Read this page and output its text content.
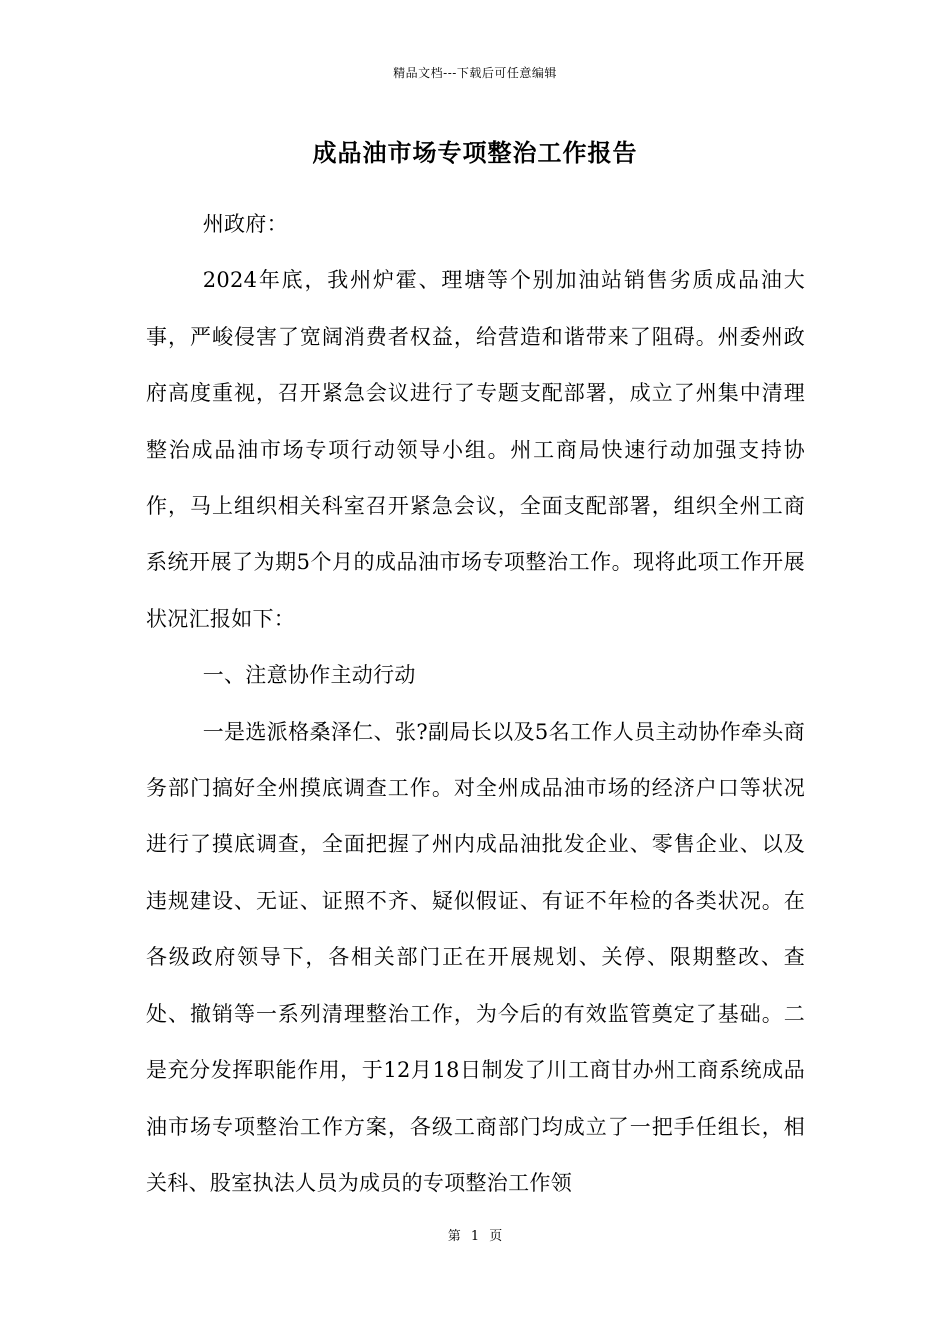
精品文档---下载后可任意编辑
成品油市场专项整治工作报告

州政府：

2024年底，我州炉霍、理塘等个别加油站销售劣质成品油大事，严峻侵害了宽阔消费者权益，给营造和谐带来了阻碍。州委州政府高度重视，召开紧急会议进行了专题支配部署，成立了州集中清理整治成品油市场专项行动领导小组。州工商局快速行动加强支持协作，马上组织相关科室召开紧急会议，全面支配部署，组织全州工商系统开展了为期5个月的成品油市场专项整治工作。现将此项工作开展状况汇报如下：

一、注意协作主动行动

一是选派格桑泽仁、张?副局长以及5名工作人员主动协作牵头商务部门搞好全州摸底调查工作。对全州成品油市场的经济户口等状况进行了摸底调查，全面把握了州内成品油批发企业、零售企业、以及违规建设、无证、证照不齐、疑似假证、有证不年检的各类状况。在各级政府领导下，各相关部门正在开展规划、关停、限期整改、查处、撤销等一系列清理整治工作，为今后的有效监管奠定了基础。二是充分发挥职能作用，于12月18日制发了川工商甘办州工商系统成品油市场专项整治工作方案，各级工商部门均成立了一把手任组长，相关科、股室执法人员为成员的专项整治工作领

第 1 页
